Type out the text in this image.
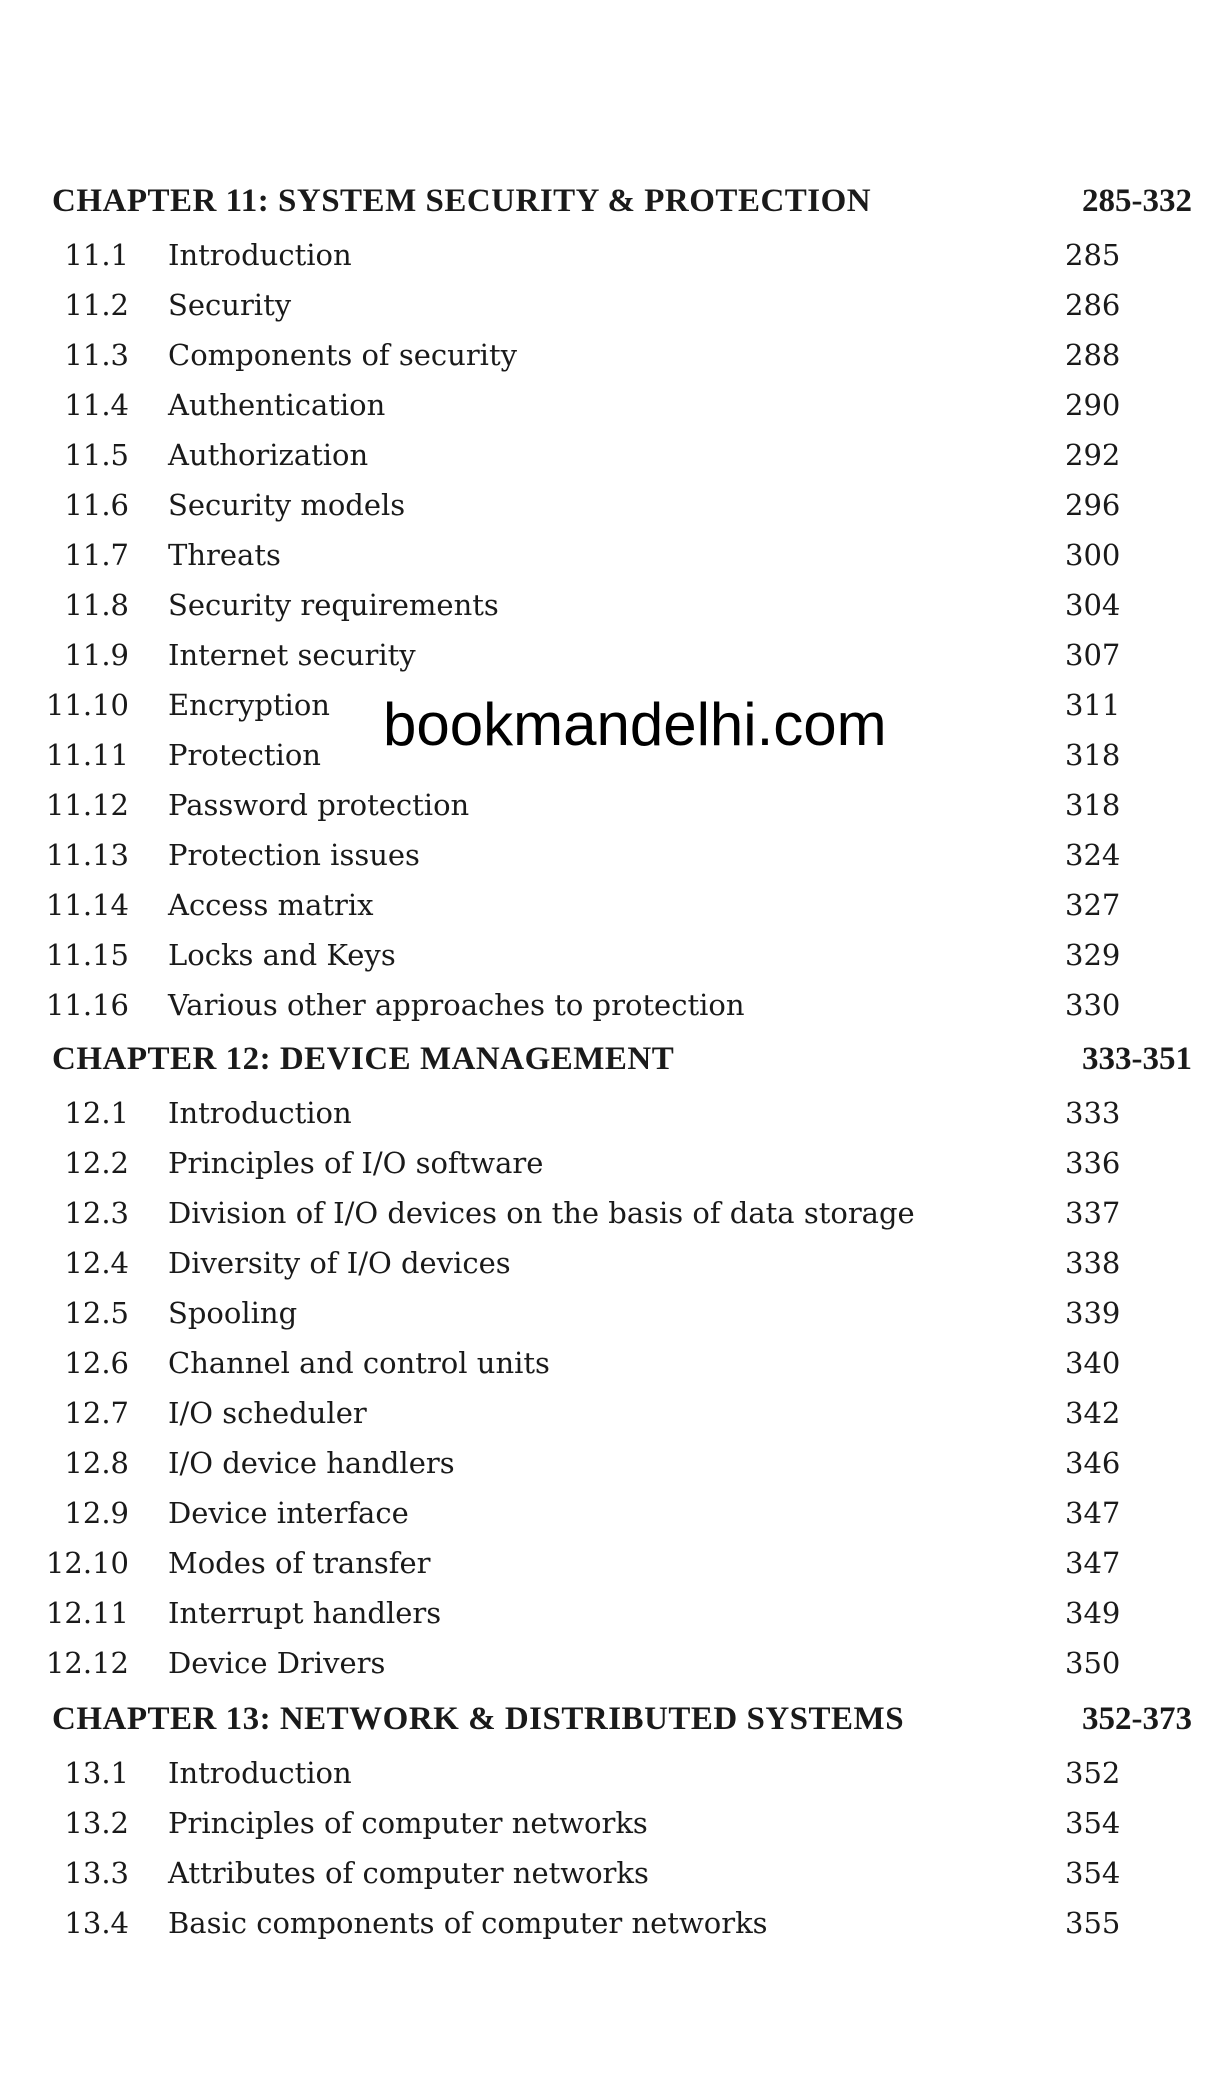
CHAPTER 11: SYSTEM SECURITY & PROTECTION	285-332
11.1 Introduction	285
11.2 Security	286
11.3 Components of security	288
11.4 Authentication	290
11.5 Authorization	292
11.6 Security models	296
11.7 Threats	300
11.8 Security requirements	304
11.9 Internet security	307
11.10 Encryption	311
11.11 Protection	318
11.12 Password protection	318
11.13 Protection issues	324
11.14 Access matrix	327
11.15 Locks and Keys	329
11.16 Various other approaches to protection	330
CHAPTER 12: DEVICE MANAGEMENT	333-351
12.1 Introduction	333
12.2 Principles of I/O software	336
12.3 Division of I/O devices on the basis of data storage	337
12.4 Diversity of I/O devices	338
12.5 Spooling	339
12.6 Channel and control units	340
12.7 I/O scheduler	342
12.8 I/O device handlers	346
12.9 Device interface	347
12.10 Modes of transfer	347
12.11 Interrupt handlers	349
12.12 Device Drivers	350
CHAPTER 13: NETWORK & DISTRIBUTED SYSTEMS	352-373
13.1 Introduction	352
13.2 Principles of computer networks	354
13.3 Attributes of computer networks	354
13.4 Basic components of computer networks	355
bookmandelhi.com
